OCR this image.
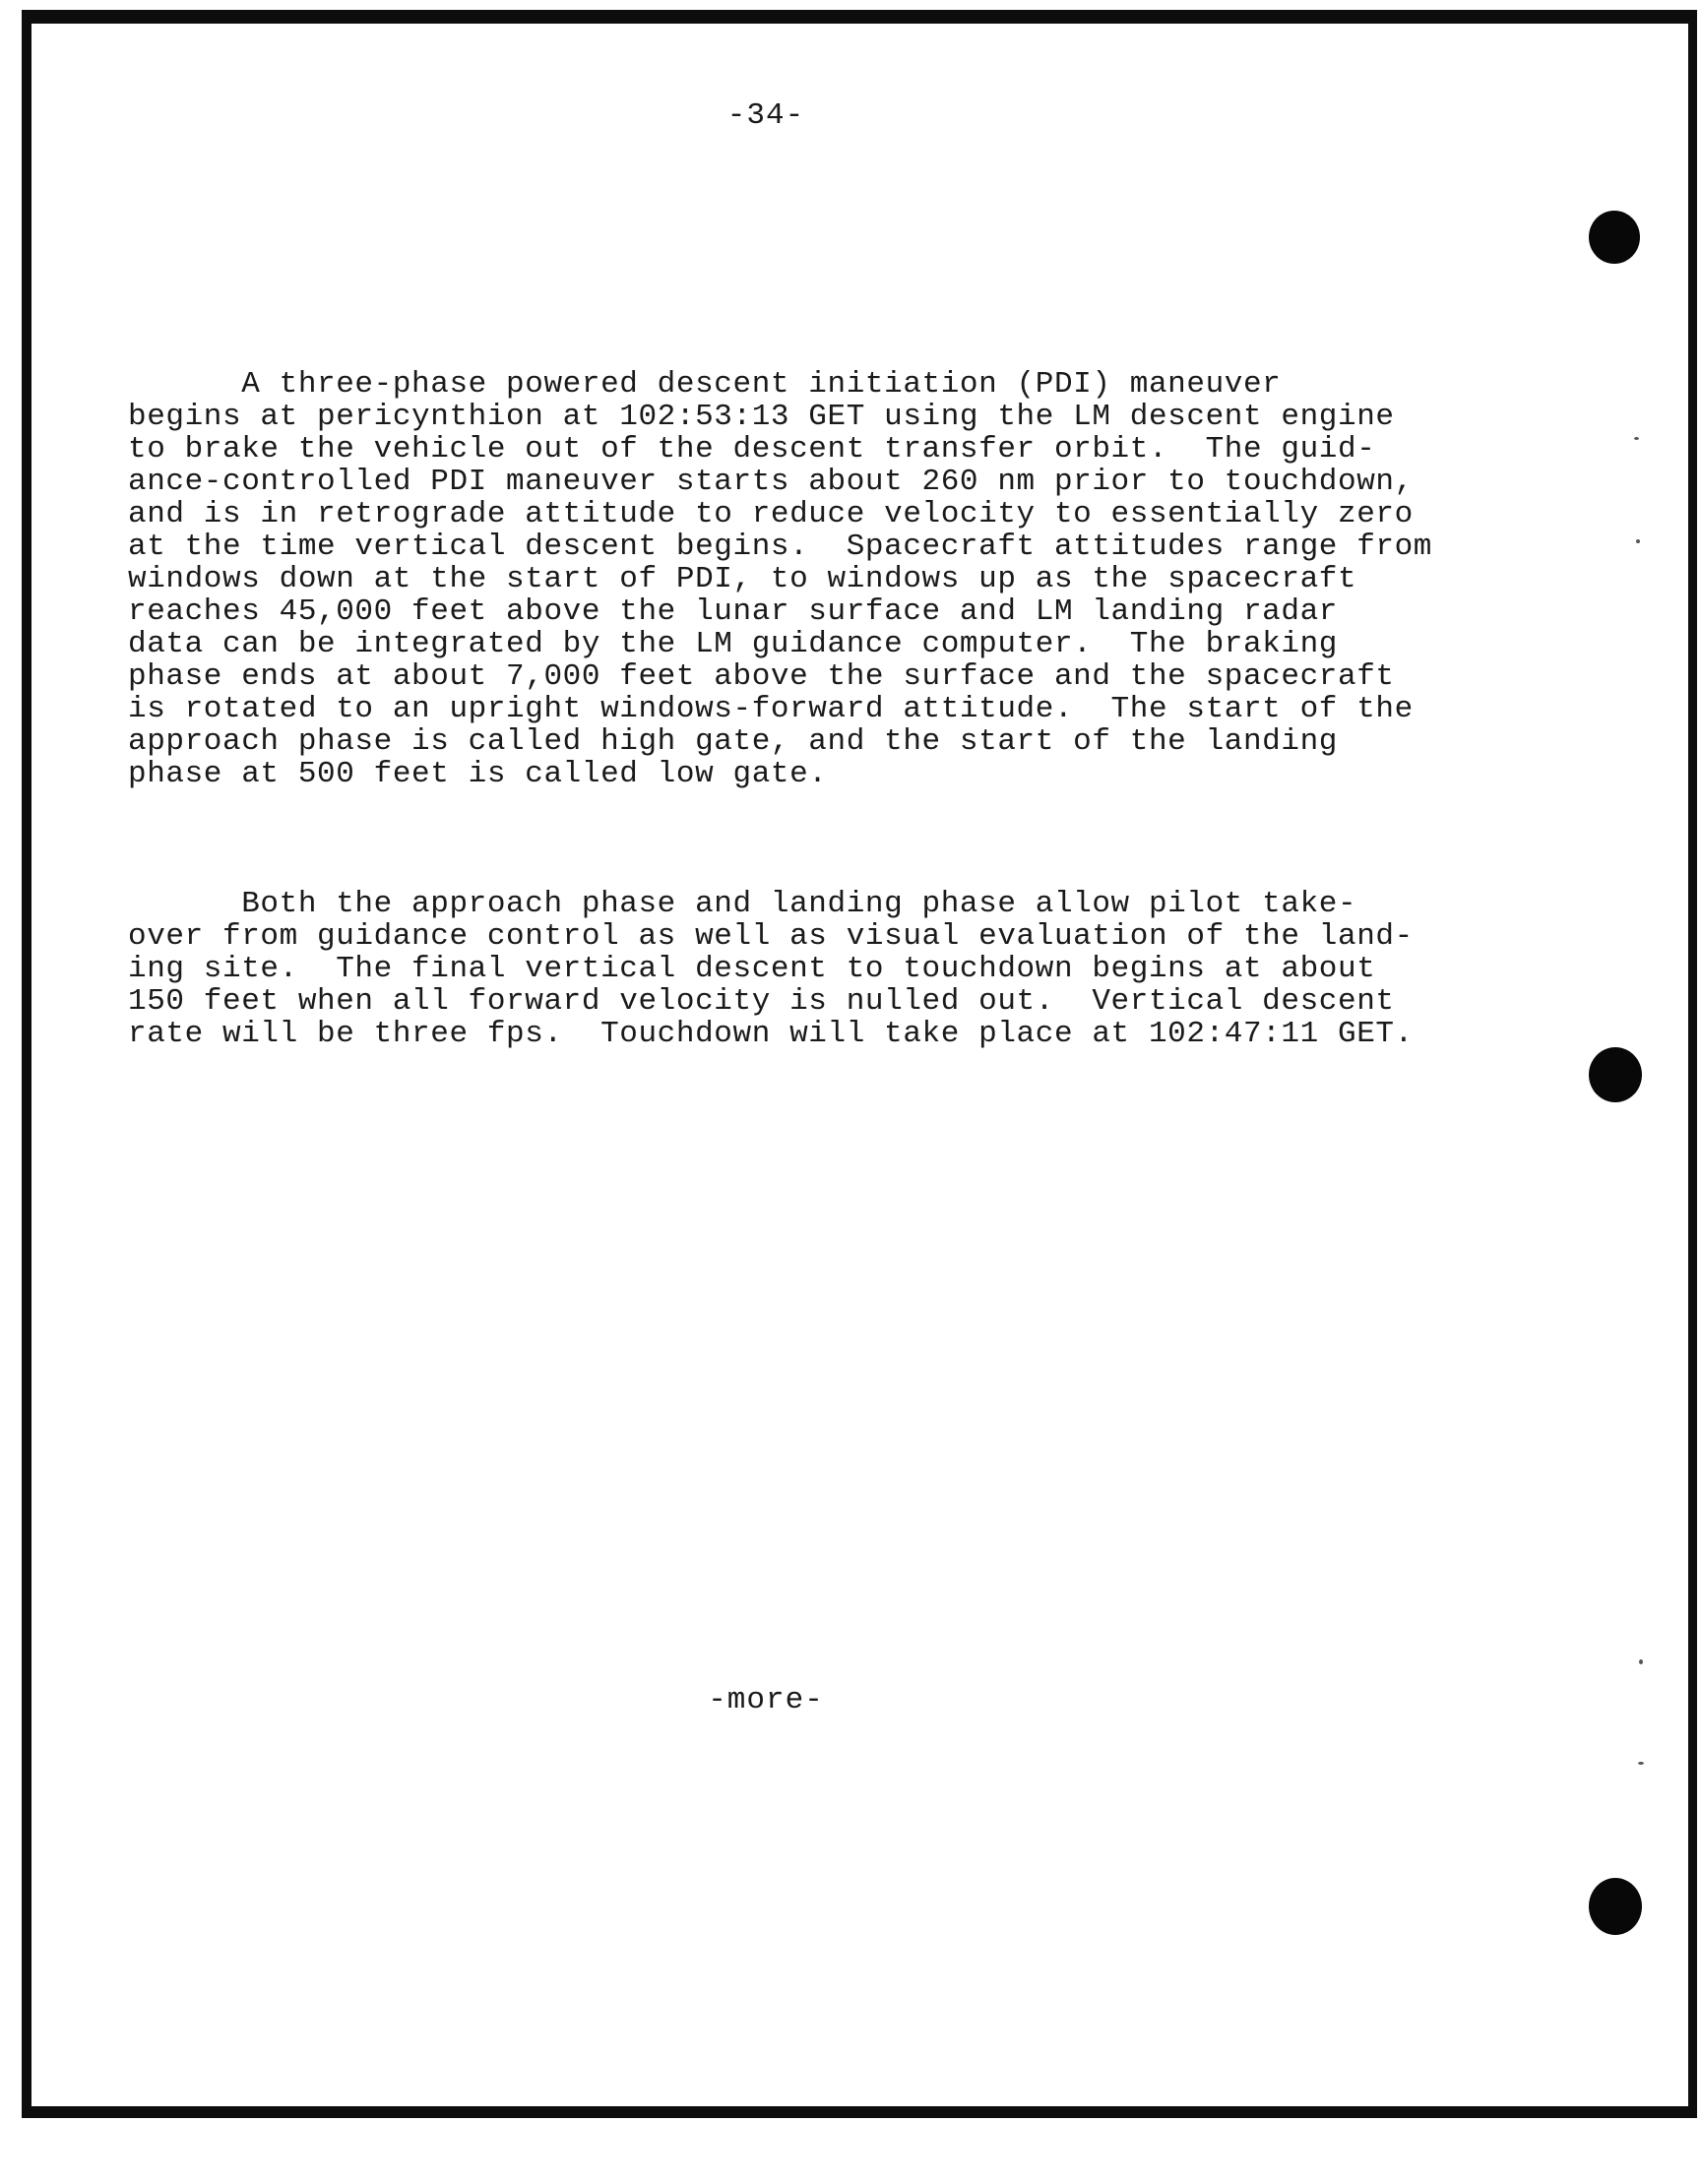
-34-

A three-phase powered descent initiation (PDI) maneuver
begins at pericynthion at 102:53:13 GET using the LM descent engine
to brake the vehicle out of the descent transfer orbit.  The guid-
ance-controlled PDI maneuver starts about 260 nm prior to touchdown,
and is in retrograde attitude to reduce velocity to essentially zero
at the time vertical descent begins.  Spacecraft attitudes range from
windows down at the start of PDI, to windows up as the spacecraft
reaches 45,000 feet above the lunar surface and LM landing radar
data can be integrated by the LM guidance computer.  The braking
phase ends at about 7,000 feet above the surface and the spacecraft
is rotated to an upright windows-forward attitude.  The start of the
approach phase is called high gate, and the start of the landing
phase at 500 feet is called low gate.

Both the approach phase and landing phase allow pilot take-
over from guidance control as well as visual evaluation of the land-
ing site.  The final vertical descent to touchdown begins at about
150 feet when all forward velocity is nulled out.  Vertical descent
rate will be three fps.  Touchdown will take place at 102:47:11 GET.

-more-
